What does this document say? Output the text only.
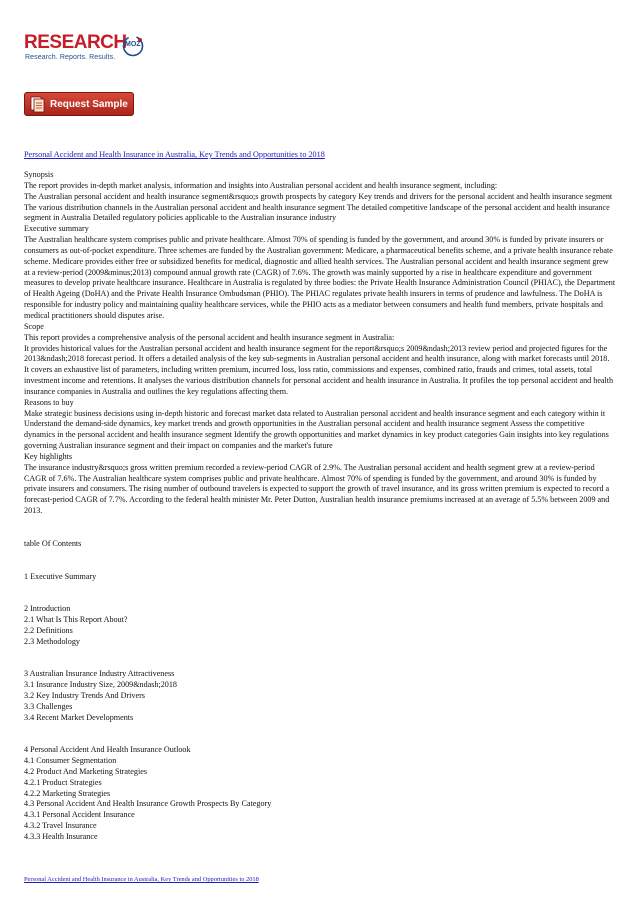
RESEARCH
MOZ
Research. Reports. Results.
Request Sample
Personal Accident and Health Insurance in Australia, Key Trends and Opportunities to 2018

Synopsis

The report provides in-depth market analysis, information and insights into Australian personal accident and health insurance segment, including:

The Australian personal accident and health insurance segment&rsquo;s growth prospects by category Key trends and drivers for the personal accident and health insurance segment The various distribution channels in the Australian personal accident and health insurance segment The detailed competitive landscape of the personal accident and health insurance segment in Australia Detailed regulatory policies applicable to the Australian insurance industry

Executive summary

The Australian healthcare system comprises public and private healthcare. Almost 70% of spending is funded by the government, and around 30% is funded by private insurers or consumers as out-of-pocket expenditure. Three schemes are funded by the Australian government: Medicare, a pharmaceutical benefits scheme, and a private health insurance rebate scheme. Medicare provides either free or subsidized benefits for medical, diagnostic and allied health services. The Australian personal accident and health insurance segment grew at a review-period (2009&minus;2013) compound annual growth rate (CAGR) of 7.6%. The growth was mainly supported by a rise in healthcare expenditure and government measures to develop private healthcare insurance. Healthcare in Australia is regulated by three bodies: the Private Health Insurance Administration Council (PHIAC), the Department of Health Ageing (DoHA) and the Private Health Insurance Ombudsman (PHIO). The PHIAC regulates private health insurers in terms of prudence and lawfulness. The DoHA is responsible for industry policy and maintaining quality healthcare services, while the PHIO acts as a mediator between consumers and health fund members, private hospitals and medical practitioners should disputes arise.

Scope

This report provides a comprehensive analysis of the personal accident and health insurance segment in Australia:

It provides historical values for the Australian personal accident and health insurance segment for the report&rsquo;s 2009&ndash;2013 review period and projected figures for the 2013&ndash;2018 forecast period. It offers a detailed analysis of the key sub-segments in Australian personal accident and health insurance, along with market forecasts until 2018. It covers an exhaustive list of parameters, including written premium, incurred loss, loss ratio, commissions and expenses, combined ratio, frauds and crimes, total assets, total investment income and retentions. It analyses the various distribution channels for personal accident and health insurance in Australia. It profiles the top personal accident and health insurance companies in Australia and outlines the key regulations affecting them.

Reasons to buy

Make strategic business decisions using in-depth historic and forecast market data related to Australian personal accident and health insurance segment and each category within it Understand the demand-side dynamics, key market trends and growth opportunities in the Australian personal accident and health insurance segment Assess the competitive dynamics in the personal accident and health insurance segment Identify the growth opportunities and market dynamics in key product categories Gain insights into key regulations governing Australian insurance segment and their impact on companies and the market's future

Key highlights

The insurance industry&rsquo;s gross written premium recorded a review-period CAGR of 2.9%. The Australian personal accident and health segment grew at a review-period CAGR of 7.6%. The Australian healthcare system comprises public and private healthcare. Almost 70% of spending is funded by the government, and around 30% is funded by private insurers and consumers. The rising number of outbound travelers is expected to support the growth of travel insurance, and its gross written premium is expected to record a forecast-period CAGR of 7.7%. According to the federal health minister Mr. Peter Dutton, Australian health insurance premiums increased at an average of 5.5% between 2009 and 2013.

table Of Contents

1 Executive Summary

2 Introduction

2.1 What Is This Report About?

2.2 Definitions

2.3 Methodology

3 Australian Insurance Industry Attractiveness

3.1 Insurance Industry Size, 2009&ndash;2018

3.2 Key Industry Trends And Drivers

3.3 Challenges

3.4 Recent Market Developments

4 Personal Accident And Health Insurance Outlook

4.1 Consumer Segmentation

4.2 Product And Marketing Strategies

4.2.1 Product Strategies

4.2.2 Marketing Strategies

4.3 Personal Accident And Health Insurance Growth Prospects By Category

4.3.1 Personal Accident Insurance

4.3.2 Travel Insurance

4.3.3 Health Insurance

Personal Accident and Health Insurance in Australia, Key Trends and Opportunities to 2018
